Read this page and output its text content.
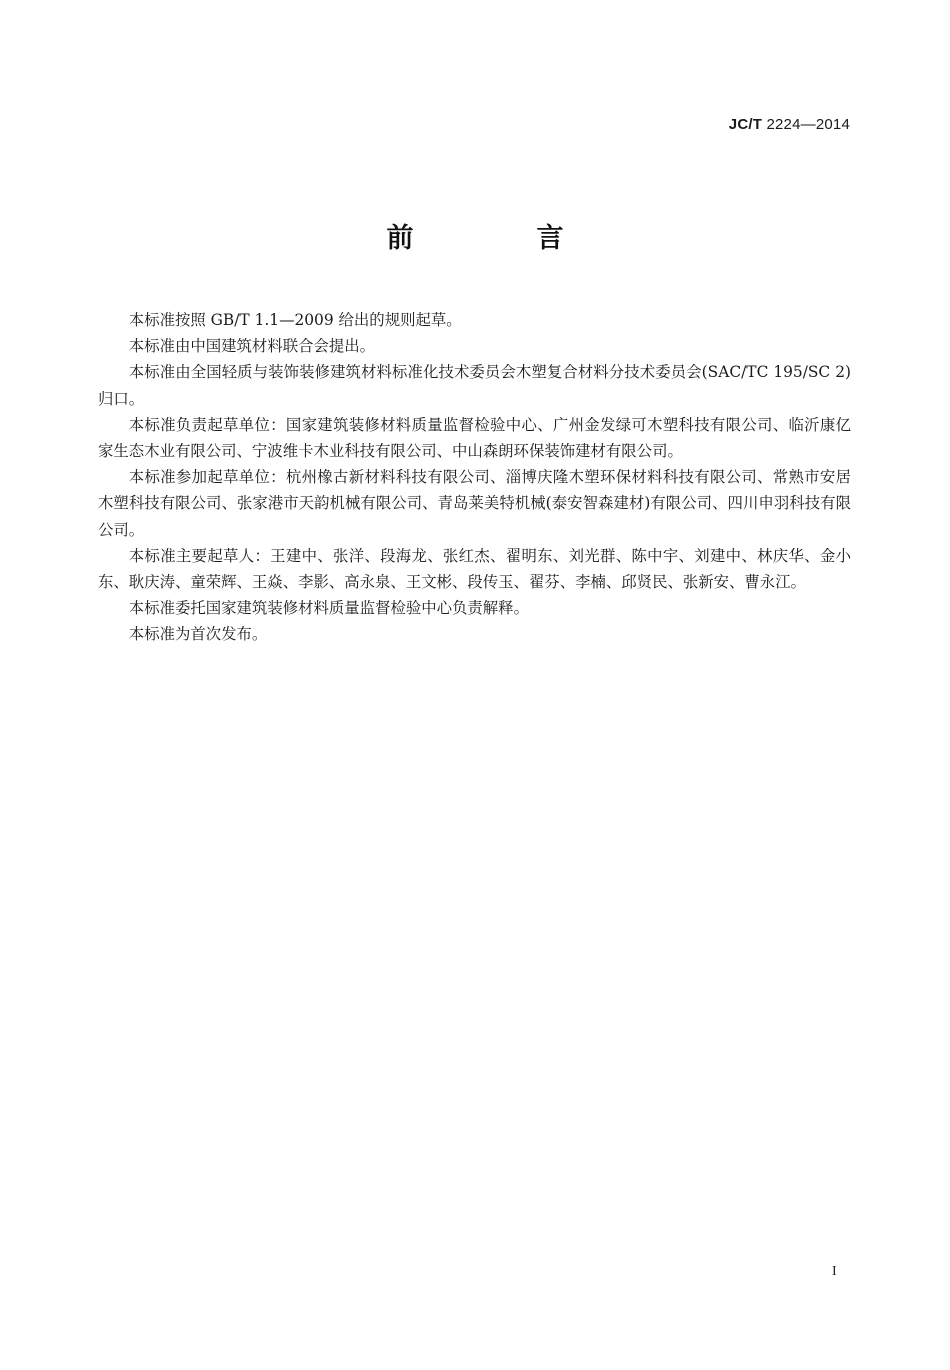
JC/T 2224—2014
前　言

本标准按照 GB/T 1.1—2009 给出的规则起草。

本标准由中国建筑材料联合会提出。

本标准由全国轻质与装饰装修建筑材料标准化技术委员会木塑复合材料分技术委员会(SAC/TC 195/SC 2)归口。

本标准负责起草单位：国家建筑装修材料质量监督检验中心、广州金发绿可木塑科技有限公司、临沂康亿家生态木业有限公司、宁波维卡木业科技有限公司、中山森朗环保装饰建材有限公司。

本标准参加起草单位：杭州橡古新材料科技有限公司、淄博庆隆木塑环保材料科技有限公司、常熟市安居木塑科技有限公司、张家港市天韵机械有限公司、青岛莱美特机械(泰安智森建材)有限公司、四川申羽科技有限公司。

本标准主要起草人：王建中、张洋、段海龙、张红杰、翟明东、刘光群、陈中宇、刘建中、林庆华、金小东、耿庆涛、童荣辉、王焱、李影、高永泉、王文彬、段传玉、翟芬、李楠、邱贤民、张新安、曹永江。

本标准委托国家建筑装修材料质量监督检验中心负责解释。

本标准为首次发布。

I
